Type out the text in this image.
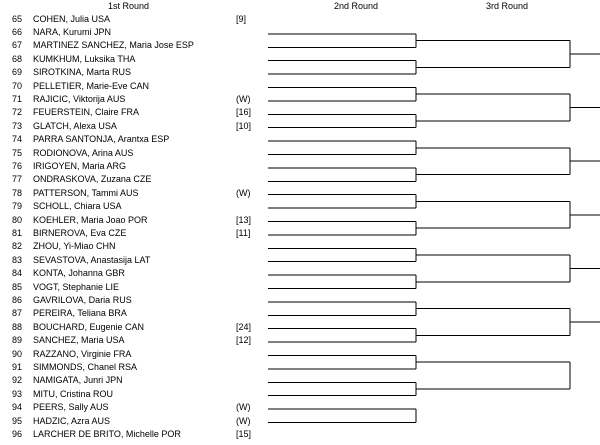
1st Round	2nd Round	3rd Round
65 COHEN, Julia USA	[9]
66 NARA, Kurumi JPN
67 MARTINEZ SANCHEZ, Maria Jose ESP
68 KUMKHUM, Luksika THA
69 SIROTKINA, Marta RUS
70 PELLETIER, Marie-Eve CAN
71 RAJICIC, Viktorija AUS	(W)
72 FEUERSTEIN, Claire FRA	[16]
73 GLATCH, Alexa USA	[10]
74 PARRA SANTONJA, Arantxa ESP
75 RODIONOVA, Arina AUS
76 IRIGOYEN, Maria ARG
77 ONDRASKOVA, Zuzana CZE
78 PATTERSON, Tammi AUS	(W)
79 SCHOLL, Chiara USA
80 KOEHLER, Maria Joao POR	[13]
81 BIRNEROVA, Eva CZE	[11]
82 ZHOU, Yi-Miao CHN
83 SEVASTOVA, Anastasija LAT
84 KONTA, Johanna GBR
85 VOGT, Stephanie LIE
86 GAVRILOVA, Daria RUS
87 PEREIRA, Teliana BRA
88 BOUCHARD, Eugenie CAN	[24]
89 SANCHEZ, Maria USA	[12]
90 RAZZANO, Virginie FRA
91 SIMMONDS, Chanel RSA
92 NAMIGATA, Junri JPN
93 MITU, Cristina ROU
94 PEERS, Sally AUS	(W)
95 HADZIC, Azra AUS	(W)
96 LARCHER DE BRITO, Michelle POR	[15]
